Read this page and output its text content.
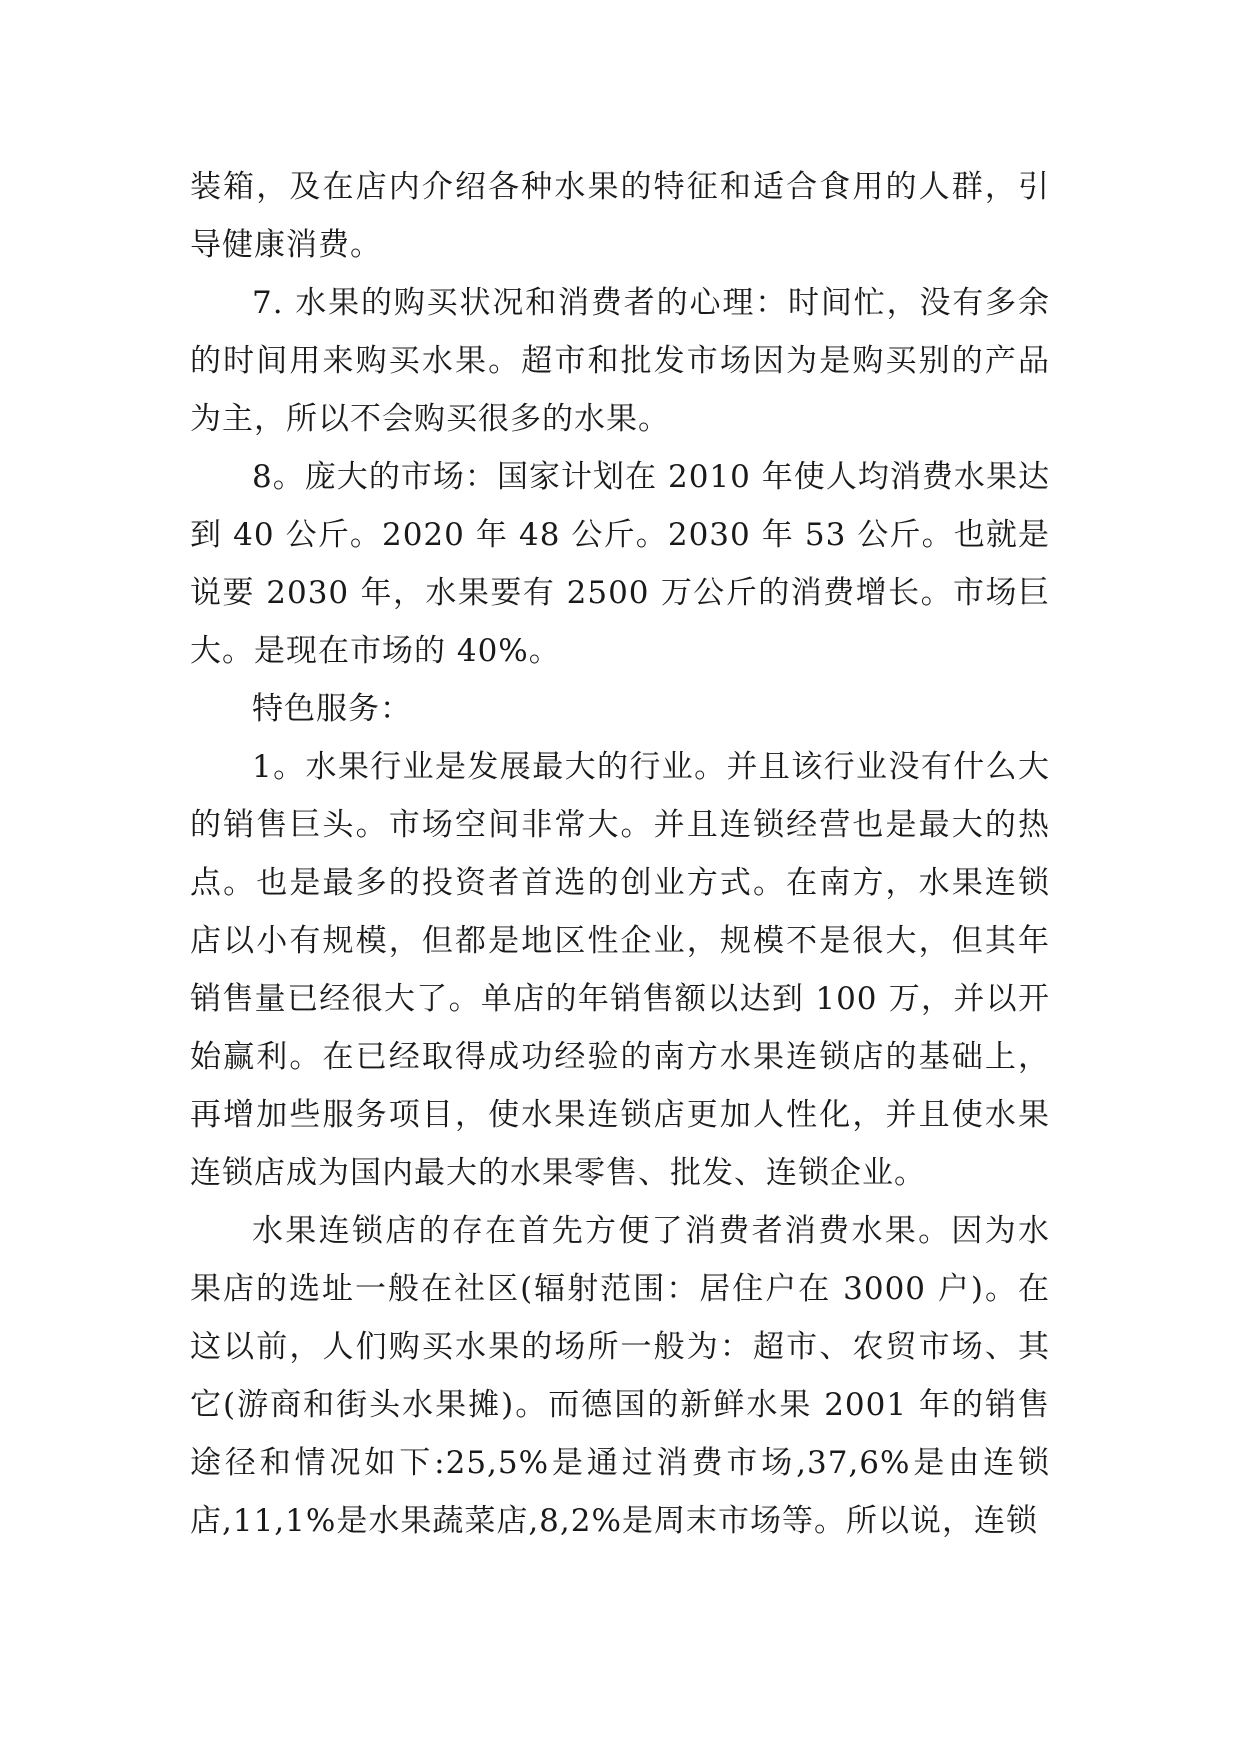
装箱，及在店内介绍各种水果的特征和适合食用的人群，引导健康消费。

7. 水果的购买状况和消费者的心理：时间忙，没有多余的时间用来购买水果。超市和批发市场因为是购买别的产品为主，所以不会购买很多的水果。

8。庞大的市场：国家计划在 2010 年使人均消费水果达到 40 公斤。2020 年 48 公斤。2030 年 53 公斤。也就是说要 2030 年，水果要有 2500 万公斤的消费增长。市场巨大。是现在市场的 40%。

特色服务：

1。水果行业是发展最大的行业。并且该行业没有什么大的销售巨头。市场空间非常大。并且连锁经营也是最大的热点。也是最多的投资者首选的创业方式。在南方，水果连锁店以小有规模，但都是地区性企业，规模不是很大，但其年销售量已经很大了。单店的年销售额以达到 100 万，并以开始赢利。在已经取得成功经验的南方水果连锁店的基础上，再增加些服务项目，使水果连锁店更加人性化，并且使水果连锁店成为国内最大的水果零售、批发、连锁企业。

水果连锁店的存在首先方便了消费者消费水果。因为水果店的选址一般在社区(辐射范围：居住户在 3000 户)。在这以前，人们购买水果的场所一般为：超市、农贸市场、其它(游商和街头水果摊)。而德国的新鲜水果 2001 年的销售途径和情况如下:25,5%是通过消费市场,37,6%是由连锁店,11,1%是水果蔬菜店,8,2%是周末市场等。所以说，连锁
